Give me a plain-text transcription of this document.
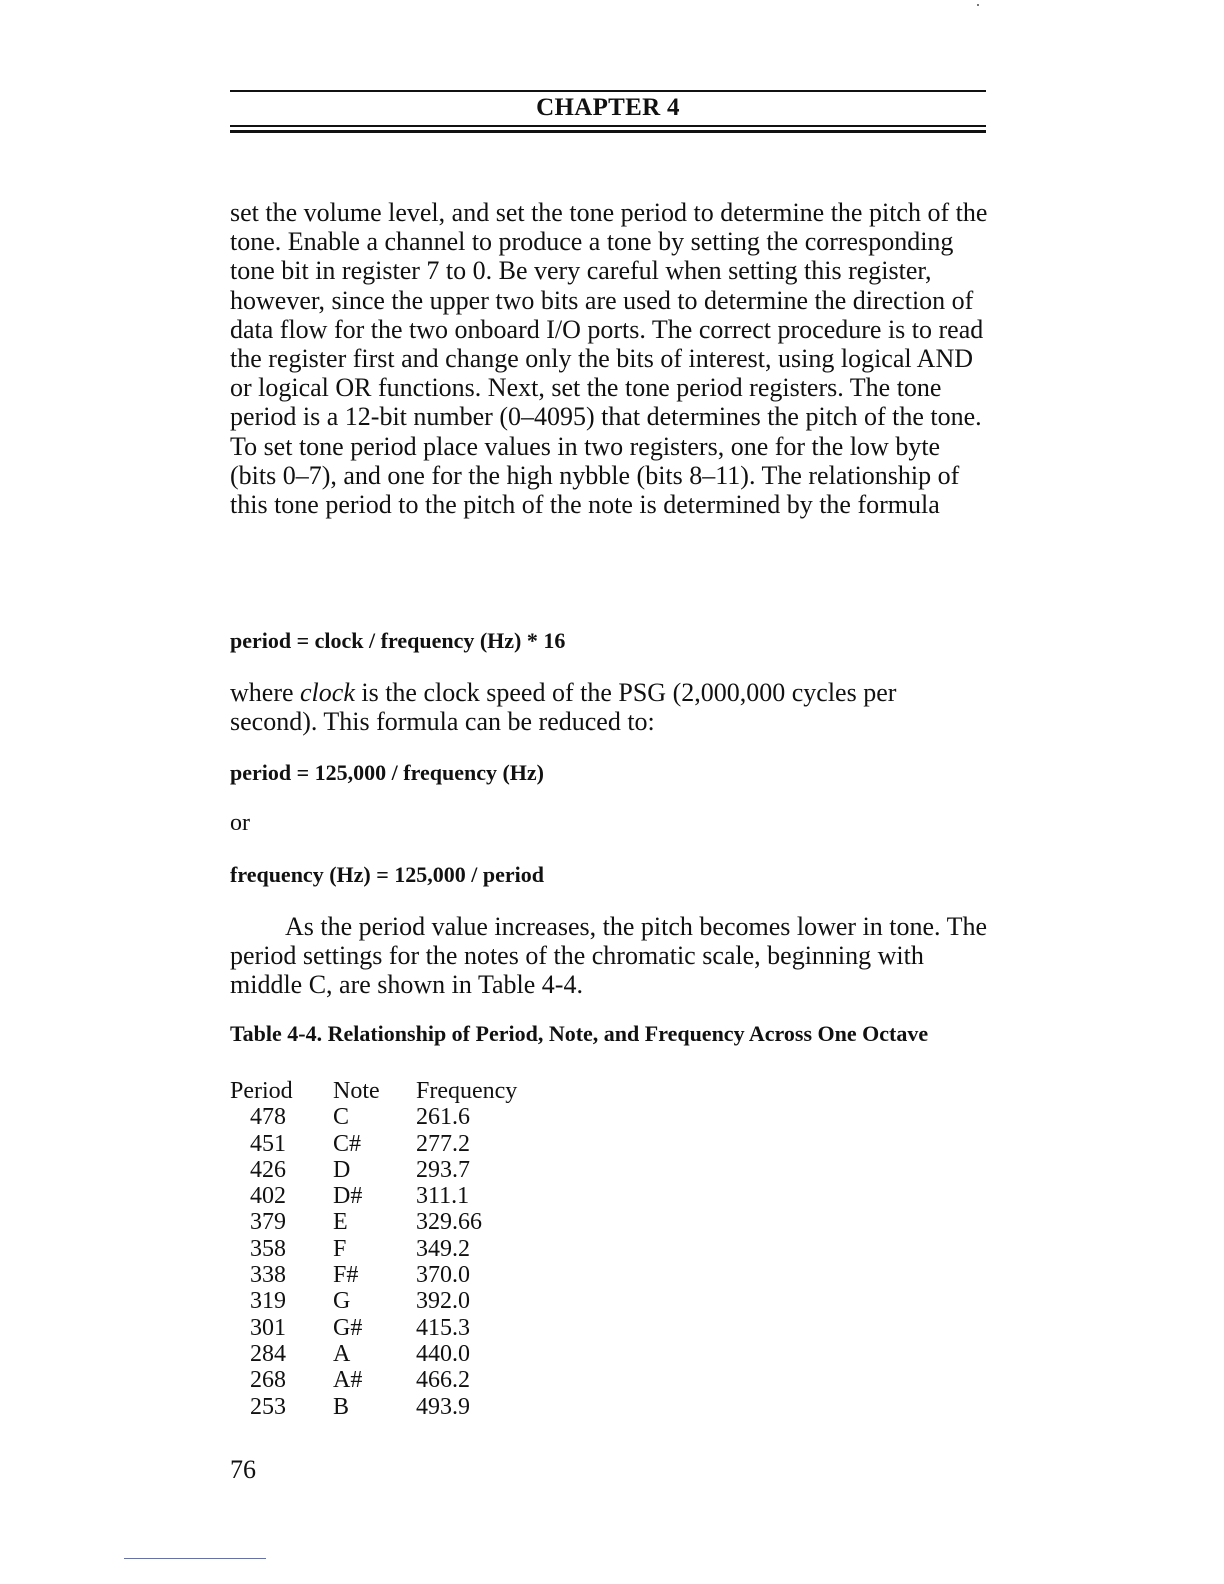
CHAPTER 4

set the volume level, and set the tone period to determine the pitch of the tone. Enable a channel to produce a tone by setting the corresponding tone bit in register 7 to 0. Be very careful when setting this register, however, since the upper two bits are used to determine the direction of data flow for the two onboard I/O ports. The correct procedure is to read the register first and change only the bits of interest, using logical AND or logical OR functions. Next, set the tone period registers. The tone period is a 12-bit number (0–4095) that determines the pitch of the tone. To set tone period place values in two registers, one for the low byte (bits 0–7), and one for the high nybble (bits 8–11). The relationship of this tone period to the pitch of the note is determined by the formula

period = clock / frequency (Hz) * 16

where clock is the clock speed of the PSG (2,000,000 cycles per second). This formula can be reduced to:

period = 125,000 / frequency (Hz)

or

frequency (Hz) = 125,000 / period

As the period value increases, the pitch becomes lower in tone. The period settings for the notes of the chromatic scale, beginning with middle C, are shown in Table 4-4.

Table 4-4. Relationship of Period, Note, and Frequency Across One Octave

Period Note Frequency
478 C	261.6
451 C# 277.2
426 D	293.7
402 D# 311.1
379 E	329.66
358 F	349.2
338 F# 370.0
319 G	392.0
301 G# 415.3
284 A	440.0
268 A# 466.2
253 B	493.9
76
